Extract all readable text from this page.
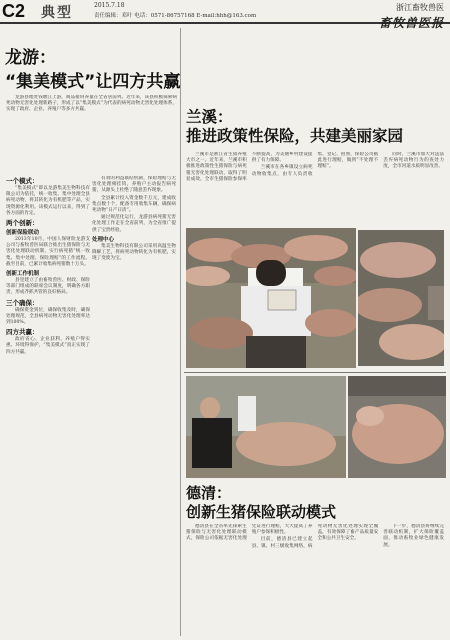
C2 典型	2015.7.18
责任编辑：邓叶 电话：0571-86757168 E-mail:hhh@163.com
浙江畜牧兽医
畜牧兽医报
龙游：
“集美模式”让四方共赢

龙游县地处钱塘江上游，商品猪饲养量在全省居前列。近年来，该县积极探索病死动物无害化处理新路子，形成了以“集美模式”为代表的病死动物无害化处理体系，实现了政府、企业、养殖户等多方共赢。

一个模式：

“集美模式”即以龙游集美生物科技有限公司为依托，统一收集、集中处理全县病死动物，将其转化为有机肥等产品，实现资源化利用。该模式运行以来，得到了各方面的肯定。

两个创新：

创新保险联动

2013年10月，中国人保财险龙游支公司与畜牧兽医局联合推出生猪保险与无害化处理联动机制，实行病死猪“统一收集、集中处理、保险理赔”的工作流程。截至目前，已累计收集病死猪数十万头。

创新工作机制

县里建立了由畜牧兽医、财政、保险等部门组成的联席会议制度，明确各方职责，形成齐抓共管的良好格局。

三个确保：

确保资金到位，确保收集及时，确保处理规范，全县病死动物无害化处理率达到100%。

四方共赢：

政府省心、企业获利、养殖户得实惠、环境得保护，“集美模式”真正实现了四方共赢。

有效的利益联结机制，保险理赔与无害化处理相挂钩，养殖户主动报告病死猪，从源头上杜绝了随意丢弃现象。

全县累计投入资金数千万元，建成收集点数十个，配备专用收集车辆，确保病死动物“日产日清”。

通过规范化运行，龙游县病死猪无害化处理工作走在全省前列，为全省推广提供了宝贵经验。

处理中心

集美生物科技有限公司采用高温生物降解工艺，将病死动物转化为有机肥，实现了变废为宝。

兰溪：
推进政策性保险，共建美丽家园

兰溪市是浙江省生猪养殖大市之一。近年来，兰溪市积极推进政策性生猪保险与病死猪无害化处理联动，取得了明显成效。全市生猪保险参保率不断提高，为美丽乡村建设提供了有力保障。

兰溪市在各乡镇设立病死动物收集点，由专人负责收集、登记、拍照，保险公司据此进行理赔，做到“不处理不理赔”。

同时，兰溪市加大对违法丢弃病死动物行为的查处力度，全市河道水质明显改善。

德清：
创新生猪保险联动模式

德清县在全省率先探索生猪保险与无害化处理联动模式，保险公司依据无害化处理凭证进行理赔，大大提高了养殖户参保积极性。

目前，德清县已建立起县、镇、村三级收集网络，病死动物无害化处理实现全覆盖，有效保障了畜产品质量安全和公共卫生安全。

下一步，德清县将继续完善联动机制，扩大保险覆盖面，推动畜牧业绿色健康发展。
